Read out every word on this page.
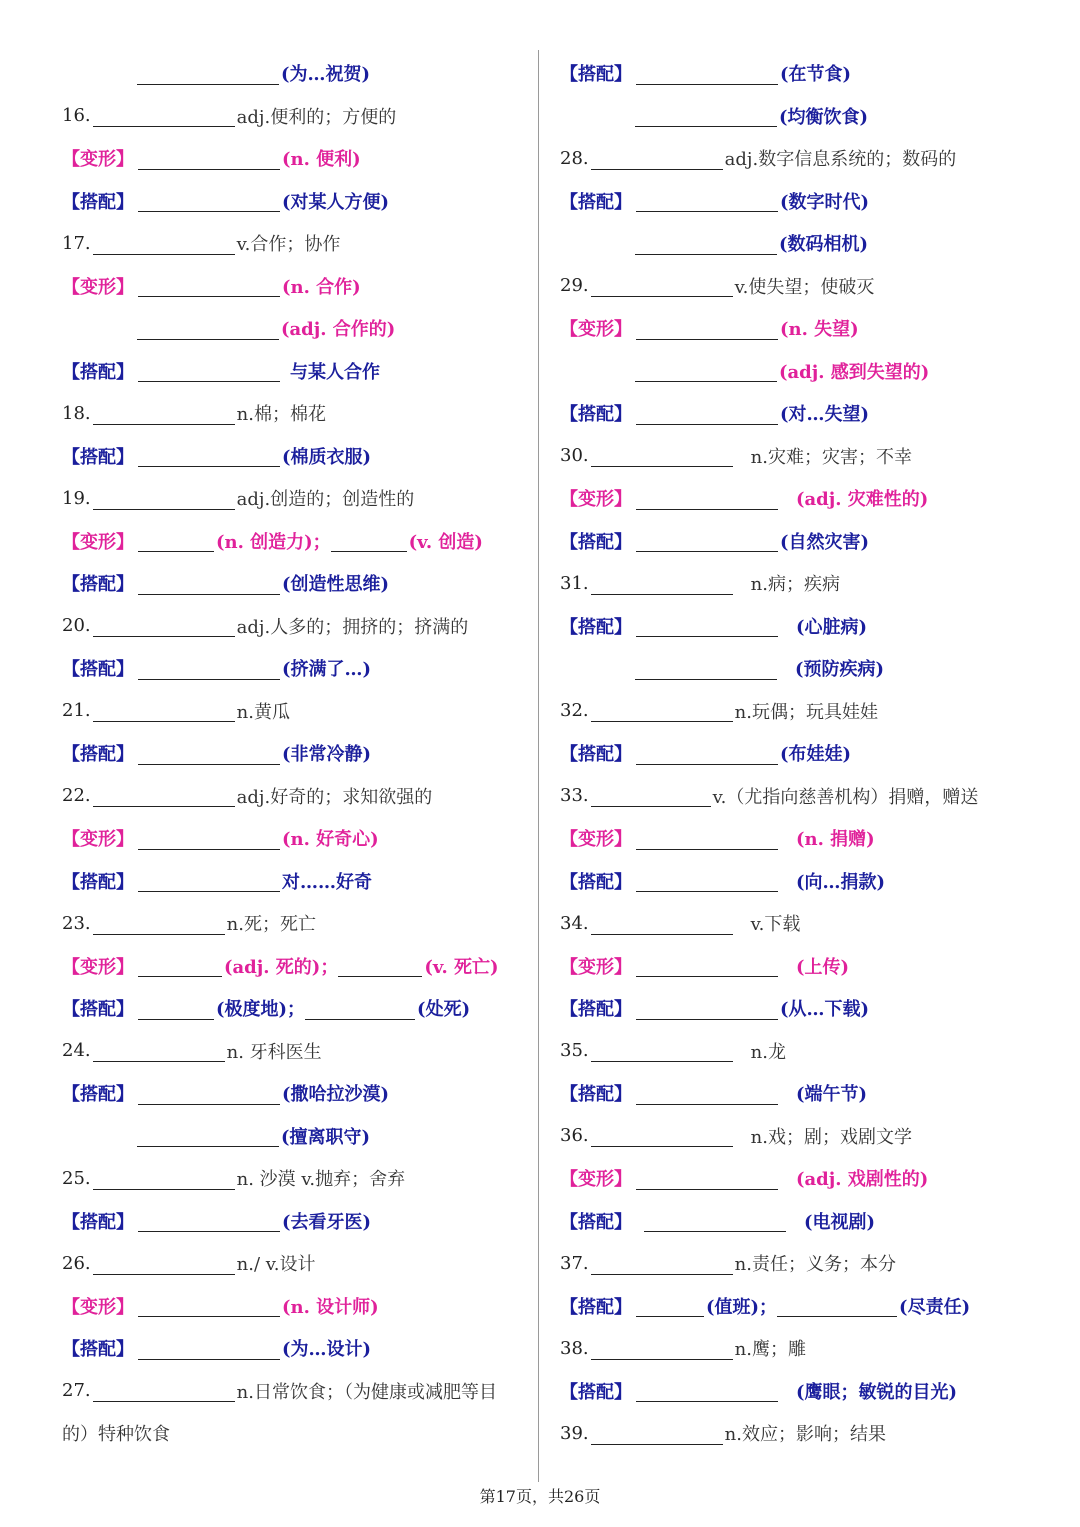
(为…祝贺)
16.	adj.便利的；方便的
【变形】	(n. 便利)
【搭配】	(对某人方便)
17.	v.合作；协作
【变形】	(n. 合作)
(adj. 合作的)
【搭配】	与某人合作
18.	n.棉；棉花
【搭配】	(棉质衣服)
19.	adj.创造的；创造性的
【变形】	(n. 创造力)；	(v. 创造)
【搭配】	(创造性思维)
20.	adj.人多的；拥挤的；挤满的
【搭配】	(挤满了…)
21.	n.黄瓜
【搭配】	(非常冷静)
22.	adj.好奇的；求知欲强的
【变形】	(n. 好奇心)
【搭配】	对……好奇
23.	n.死；死亡
【变形】	(adj. 死的)；	(v. 死亡)
【搭配】	(极度地)；	(处死)
24.	n. 牙科医生
【搭配】	(撒哈拉沙漠)
(擅离职守)
25.	n. 沙漠 v.抛弃；舍弃
【搭配】	(去看牙医)
26.	n./ v.设计
【变形】	(n. 设计师)
【搭配】	(为…设计)
27.	n.日常饮食；（为健康或减肥等目
的）特种饮食
【搭配】	(在节食)
(均衡饮食)
28.	adj.数字信息系统的；数码的
【搭配】	(数字时代)
(数码相机)
29.	v.使失望；使破灭
【变形】	(n. 失望)
(adj. 感到失望的)
【搭配】	(对…失望)
30.	n.灾难；灾害；不幸
【变形】	(adj. 灾难性的)
【搭配】	(自然灾害)
31.	n.病；疾病
【搭配】	(心脏病)
(预防疾病)
32.	n.玩偶；玩具娃娃
【搭配】	(布娃娃)
33.	v.（尤指向慈善机构）捐赠，赠送
【变形】	(n. 捐赠)
【搭配】	(向…捐款)
34.	v.下载
【变形】	(上传)
【搭配】	(从…下载)
35.	n.龙
【搭配】	(端午节)
36.	n.戏；剧；戏剧文学
【变形】	(adj. 戏剧性的)
【搭配】	(电视剧)
37.	n.责任；义务；本分
【搭配】	(值班)；	(尽责任)
38.	n.鹰；雕
【搭配】	(鹰眼；敏锐的目光)
39.	n.效应；影响；结果
第17页，共26页
